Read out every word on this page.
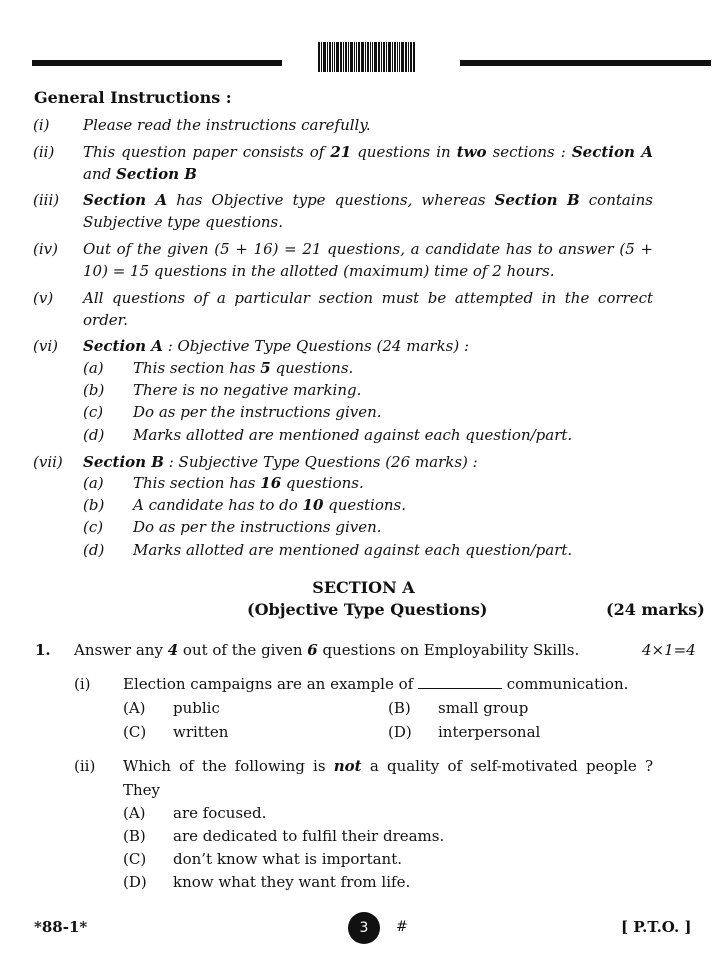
General Instructions :
(i) Please read the instructions carefully.
(ii) This question paper consists of 21 questions in two sections : Section A and Section B
(iii) Section A has Objective type questions, whereas Section B contains Subjective type questions.
(iv) Out of the given (5 + 16) = 21 questions, a candidate has to answer (5 + 10) = 15 questions in the allotted (maximum) time of 2 hours.
(v) All questions of a particular section must be attempted in the correct order.
(vi) Section A : Objective Type Questions (24 marks) :
(a) This section has 5 questions.
(b) There is no negative marking.
(c) Do as per the instructions given.
(d) Marks allotted are mentioned against each question/part.
(vii) Section B : Subjective Type Questions (26 marks) :
(a) This section has 16 questions.
(b) A candidate has to do 10 questions.
(c) Do as per the instructions given.
(d) Marks allotted are mentioned against each question/part.
SECTION A
(Objective Type Questions)	(24 marks)
1. Answer any 4 out of the given 6 questions on Employability Skills.	4×1=4
(i) Election campaigns are an example of	communication.
(A) public	(B) small group
(C) written	(D) interpersonal
(ii) Which of the following is not a quality of self-motivated people ?
They
(A) are focused.
(B) are dedicated to fulfil their dreams.
(C) don’t know what is important.
(D) know what they want from life.
*88-1*	3	#	[ P.T.O. ]
